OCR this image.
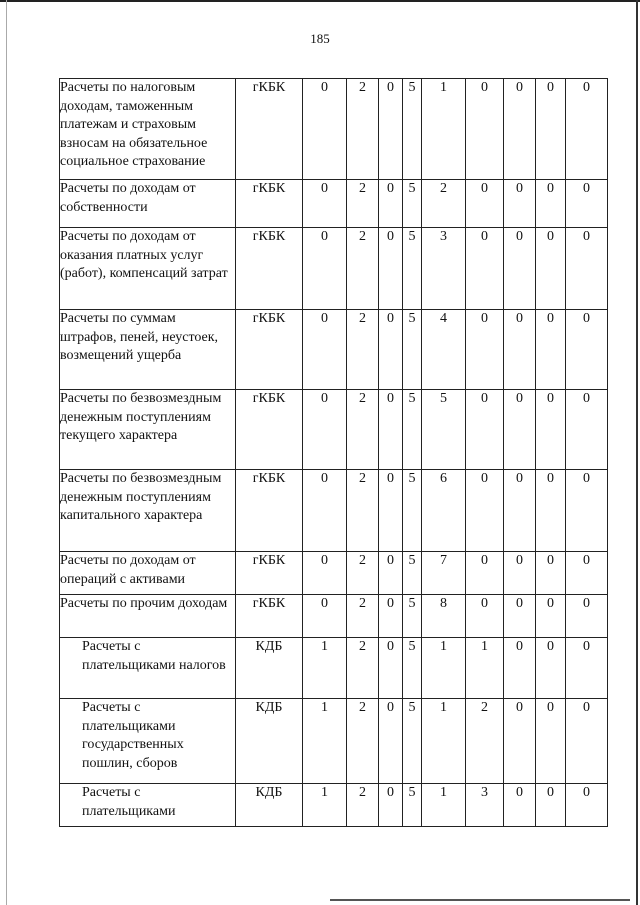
185
Расчеты по налоговым доходам, таможенным платежам и страховым взносам на обязательное социальное страхование	гКБК	0	2	0	5	1	0	0	0	0
Расчеты по доходам от собственности	гКБК	0	2	0	5	2	0	0	0	0
Расчеты по доходам от оказания платных услуг (работ), компенсаций затрат	гКБК	0	2	0	5	3	0	0	0	0
Расчеты по суммам штрафов, пеней, неустоек, возмещений ущерба	гКБК	0	2	0	5	4	0	0	0	0
Расчеты по безвозмездным денежным поступлениям текущего характера	гКБК	0	2	0	5	5	0	0	0	0
Расчеты по безвозмездным денежным поступлениям капитального характера	гКБК	0	2	0	5	6	0	0	0	0
Расчеты по доходам от операций с активами	гКБК	0	2	0	5	7	0	0	0	0
Расчеты по прочим доходам	гКБК	0	2	0	5	8	0	0	0	0
Расчеты с плательщиками налогов	КДБ	1	2	0	5	1	1	0	0	0
Расчеты с плательщиками государственных пошлин, сборов	КДБ	1	2	0	5	1	2	0	0	0
Расчеты с плательщиками	КДБ	1	2	0	5	1	3	0	0	0
